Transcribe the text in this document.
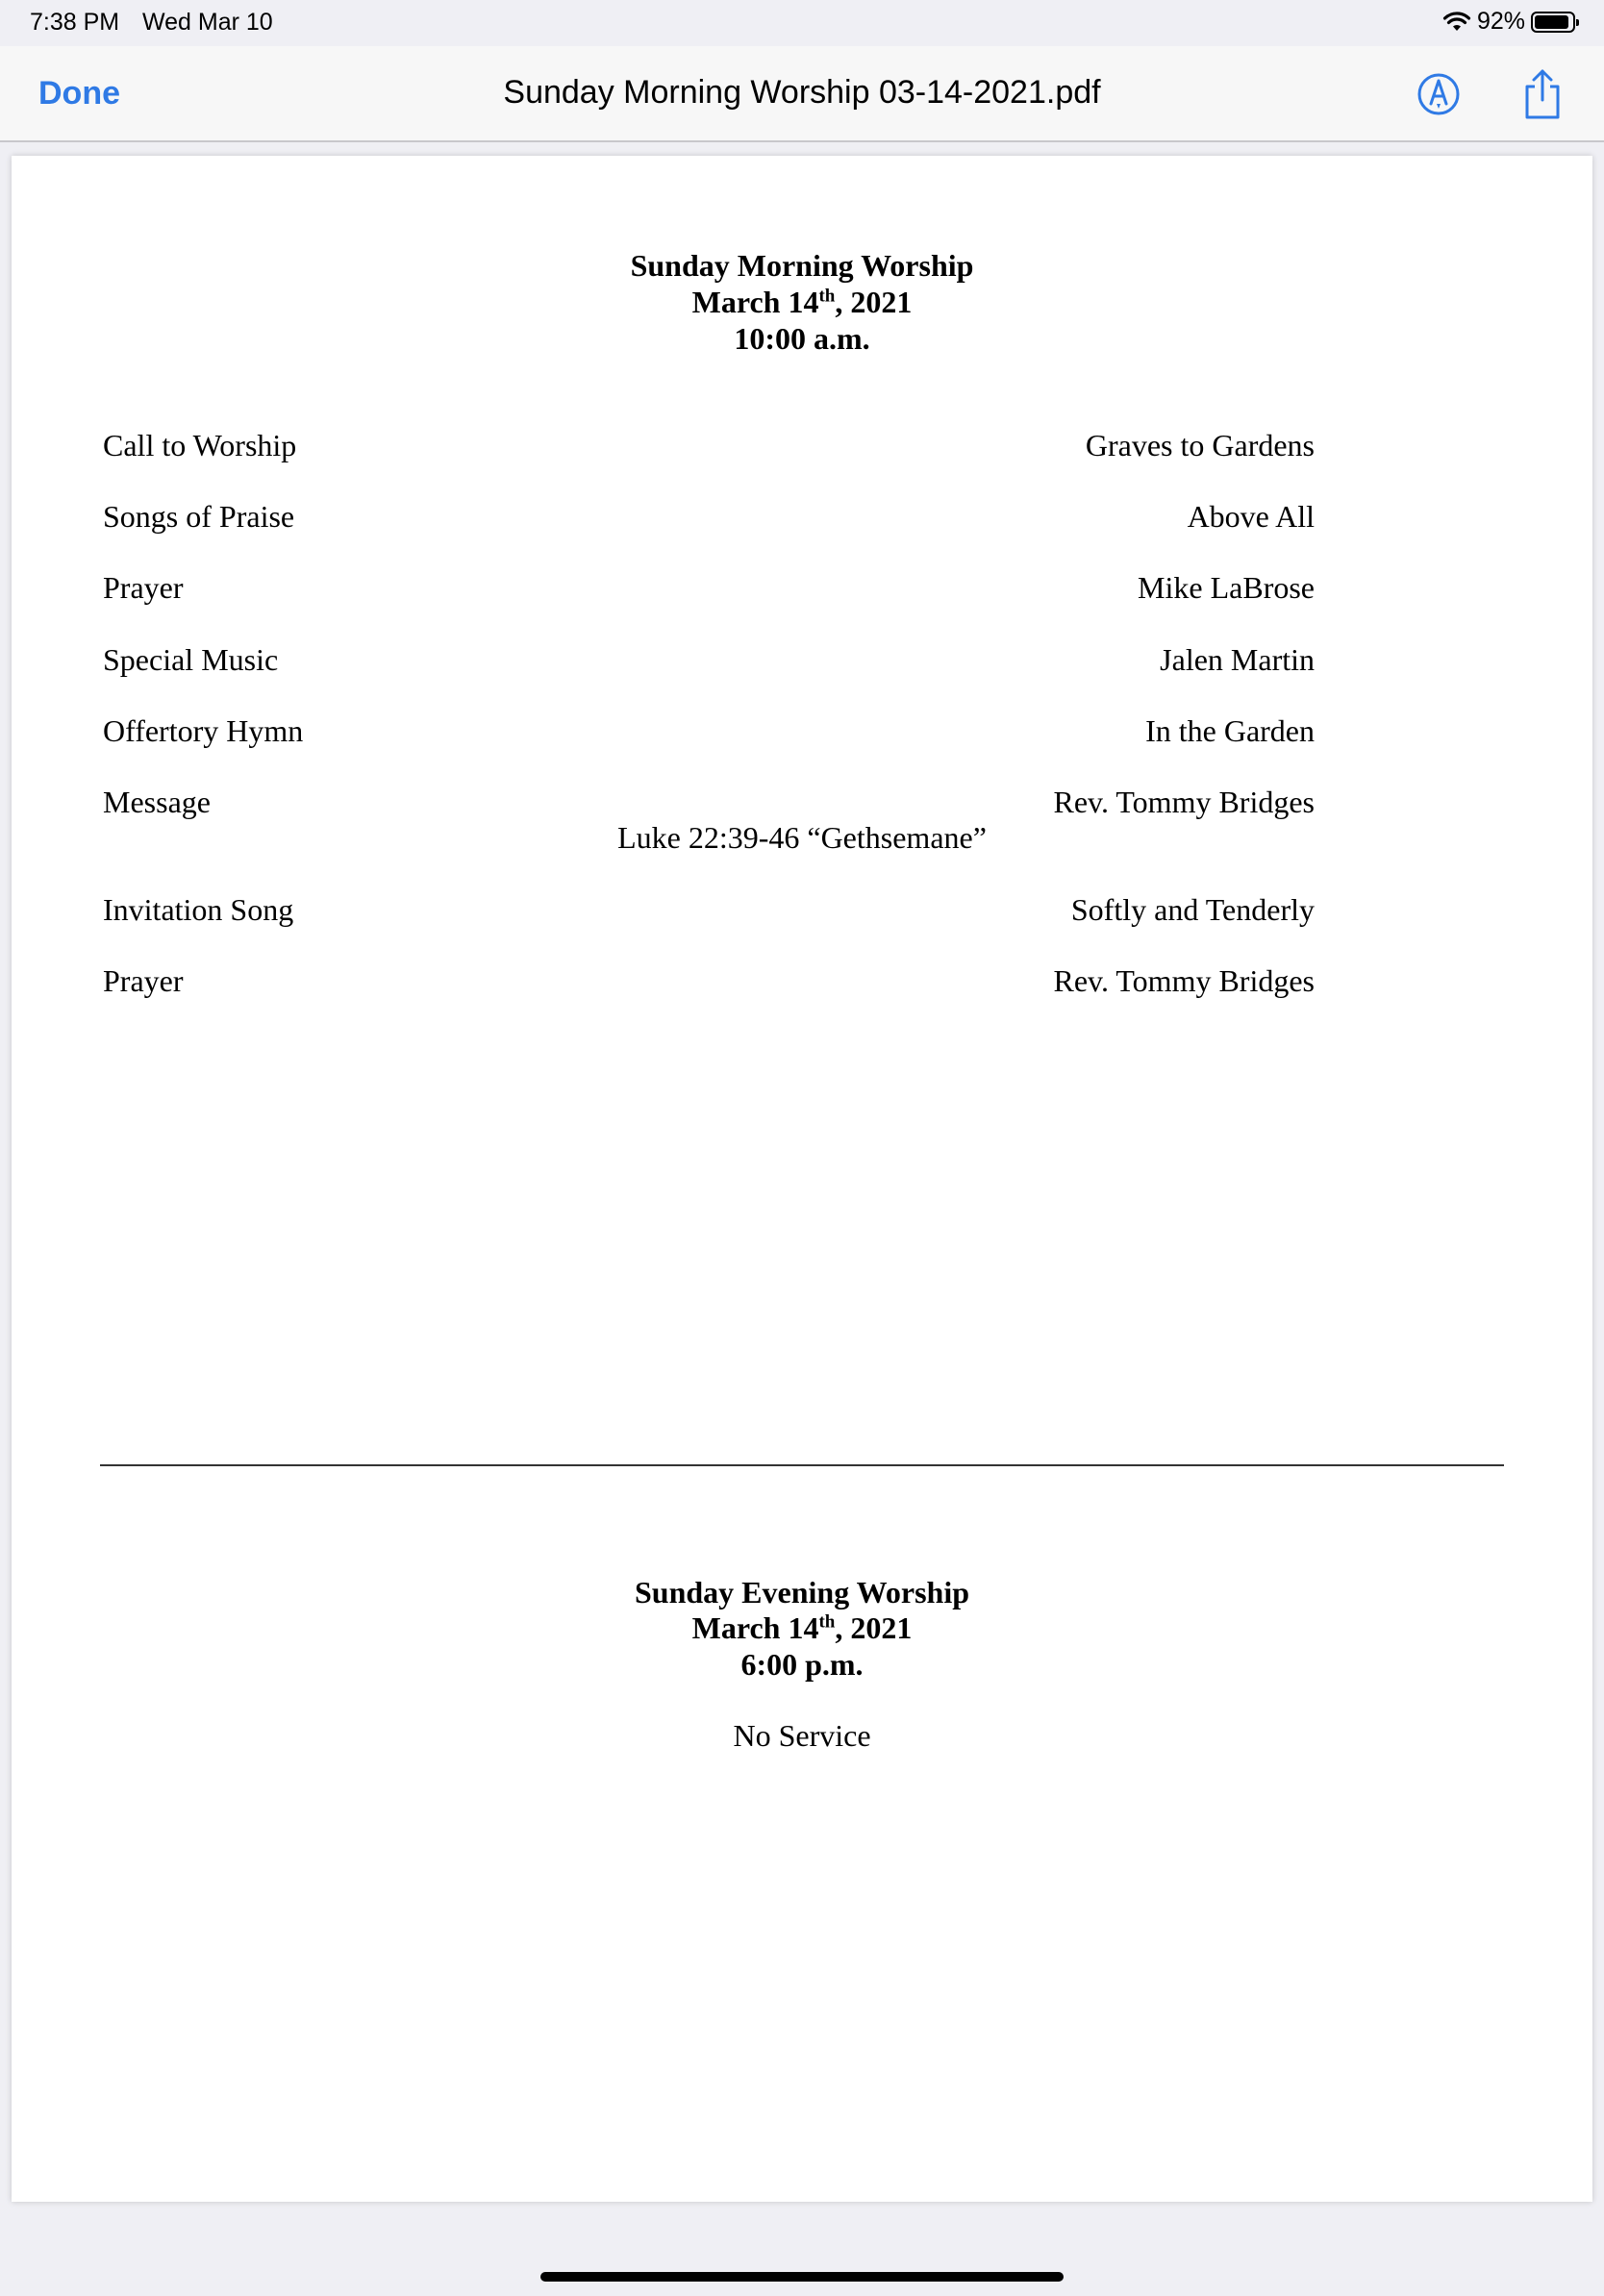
7:38 PM Wed Mar 10	92%
Done	Sunday Morning Worship 03-14-2021.pdf
Sunday Morning Worship
March 14th, 2021
10:00 a.m.
Call to Worship	Graves to Gardens
Songs of Praise	Above All
Prayer	Mike LaBrose
Special Music	Jalen Martin
Offertory Hymn	In the Garden
Message	Rev. Tommy Bridges
Luke 22:39-46 “Gethsemane”
Invitation Song	Softly and Tenderly
Prayer	Rev. Tommy Bridges
Sunday Evening Worship
March 14th, 2021
6:00 p.m.
No Service
